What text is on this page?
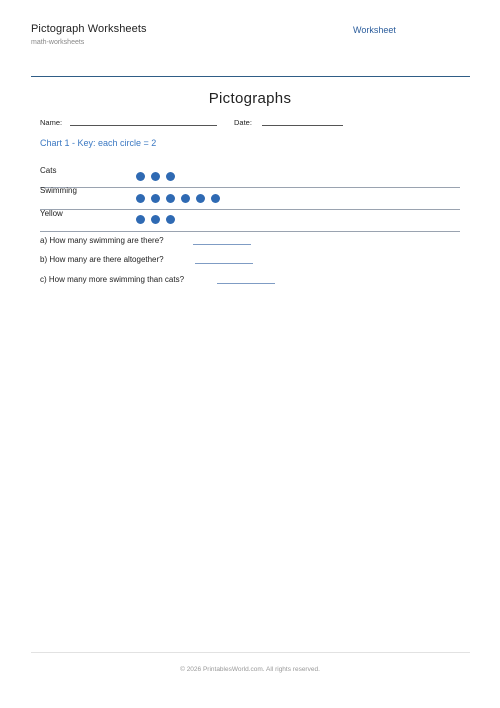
Pictograph Worksheets
math-worksheets
Worksheet
Pictographs
Name:	Date:
Chart 1 - Key: each circle = 2
Cats
Swimming
Yellow
a) How many swimming are there?
b) How many are there altogether?
c) How many more swimming than cats?
© 2026 PrintablesWorld.com. All rights reserved.
